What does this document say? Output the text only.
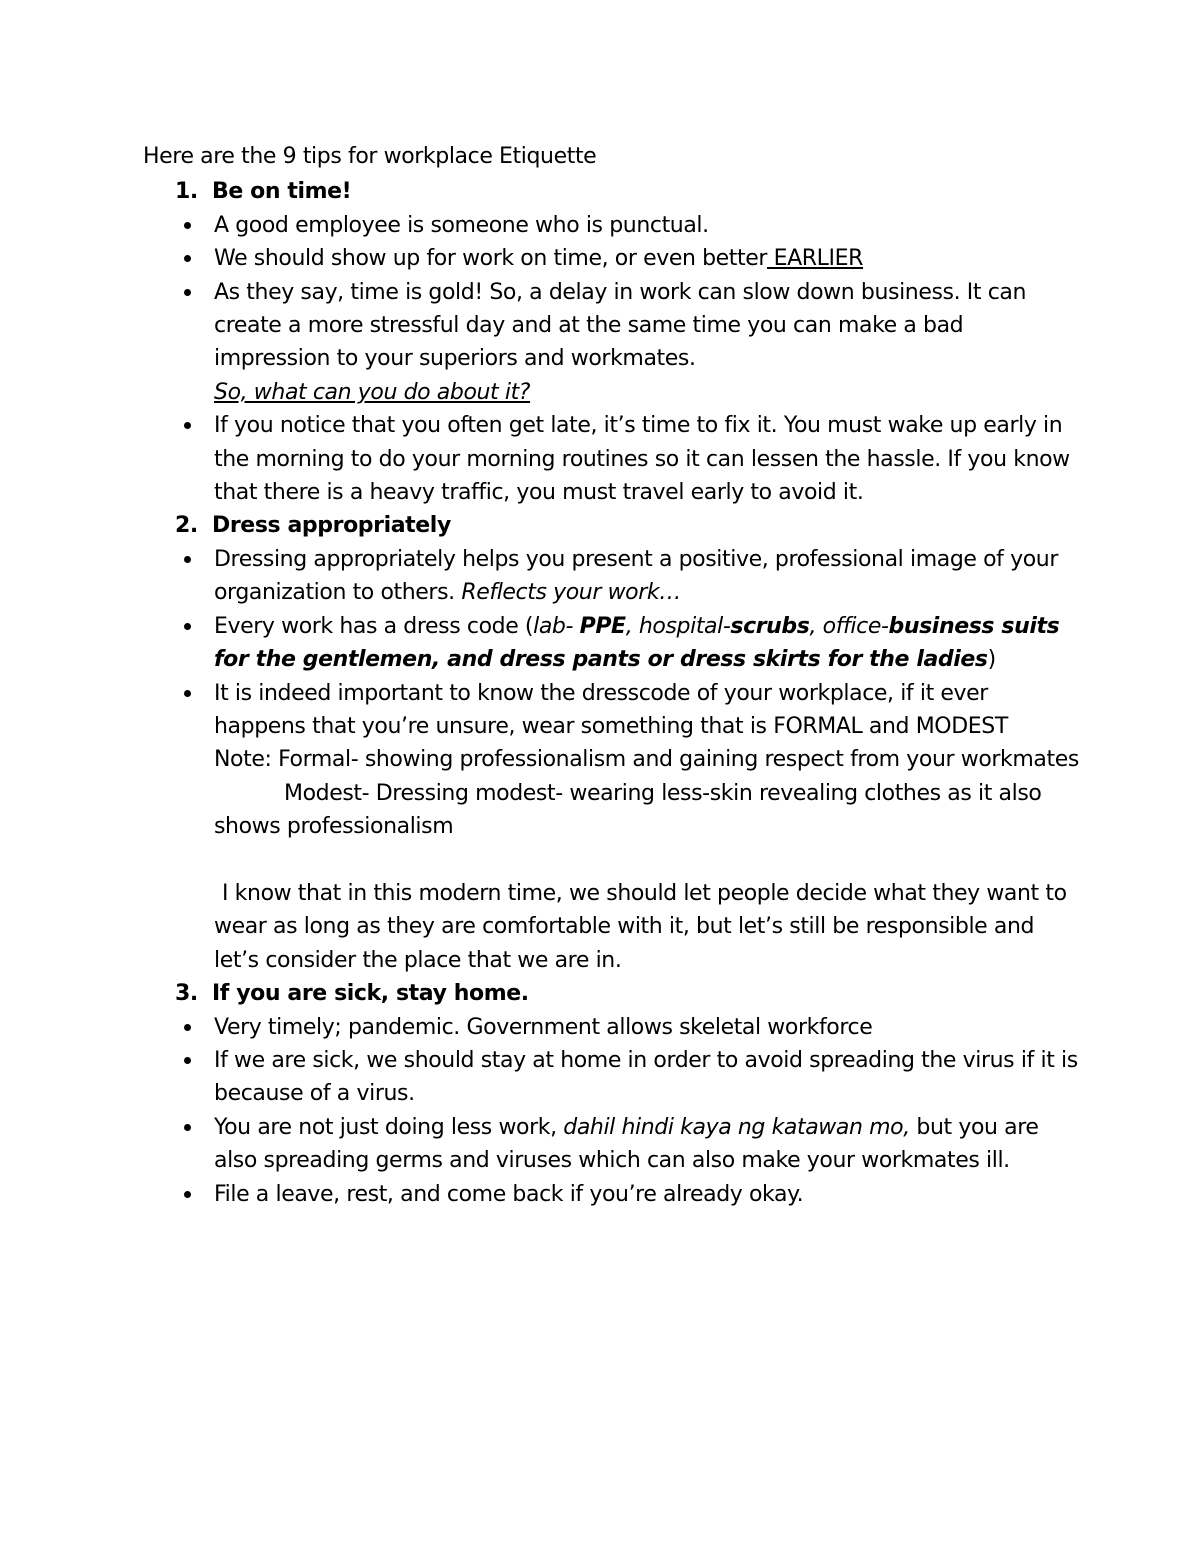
Here are the 9 tips for workplace Etiquette

1. Be on time!
A good employee is someone who is punctual.
We should show up for work on time, or even better EARLIER
As they say, time is gold! So, a delay in work can slow down business. It can create a more stressful day and at the same time you can make a bad impression to your superiors and workmates.
So, what can you do about it?
If you notice that you often get late, it’s time to fix it. You must wake up early in the morning to do your morning routines so it can lessen the hassle. If you know that there is a heavy traffic, you must travel early to avoid it.
2. Dress appropriately
Dressing appropriately helps you present a positive, professional image of your organization to others. Reflects your work…
Every work has a dress code (lab- PPE, hospital-scrubs, office-business suits for the gentlemen, and dress pants or dress skirts for the ladies)
It is indeed important to know the dresscode of your workplace, if it ever happens that you’re unsure, wear something that is FORMAL and MODEST
Note: Formal- showing professionalism and gaining respect from your workmates
Modest- Dressing modest- wearing less-skin revealing clothes as it also shows professionalism
I know that in this modern time, we should let people decide what they want to wear as long as they are comfortable with it, but let’s still be responsible and let’s consider the place that we are in.
3. If you are sick, stay home.
Very timely; pandemic. Government allows skeletal workforce
If we are sick, we should stay at home in order to avoid spreading the virus if it is because of a virus.
You are not just doing less work, dahil hindi kaya ng katawan mo, but you are also spreading germs and viruses which can also make your workmates ill.
File a leave, rest, and come back if you’re already okay.
